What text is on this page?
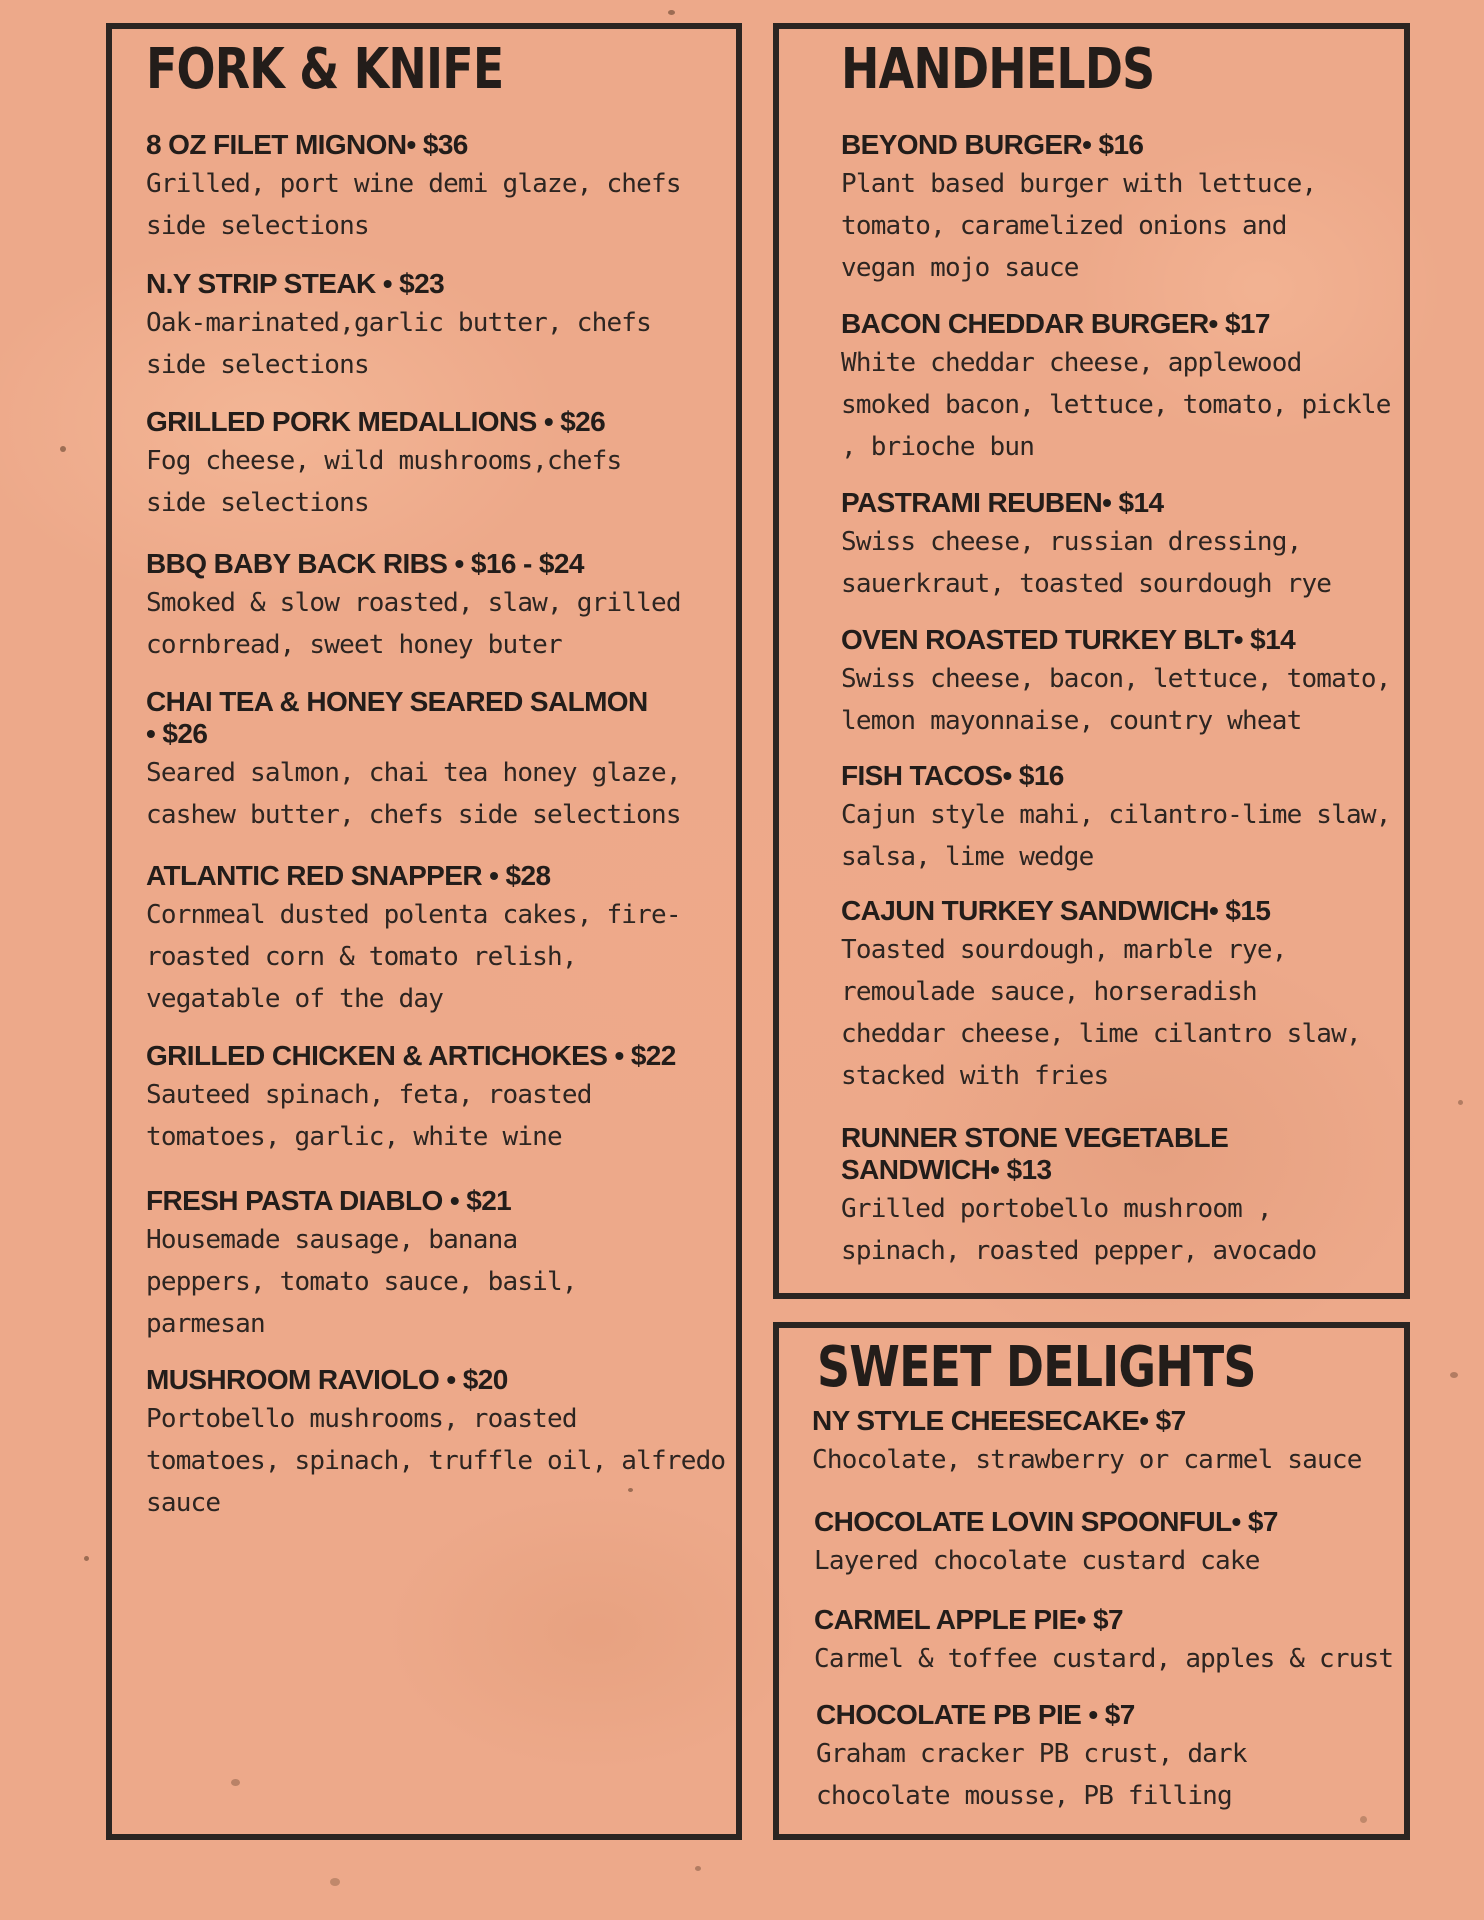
FORK & KNIFE	HANDHELDS
SWEET DELIGHTS
8 OZ FILET MIGNON• $36
Grilled, port wine demi glaze, chefs
side selections
N.Y STRIP STEAK • $23
Oak-marinated,garlic butter, chefs
side selections
GRILLED PORK MEDALLIONS • $26
Fog cheese, wild mushrooms,chefs
side selections
BBQ BABY BACK RIBS • $16 - $24
Smoked & slow roasted, slaw, grilled
cornbread, sweet honey buter
CHAI TEA & HONEY SEARED SALMON
• $26
Seared salmon, chai tea honey glaze,
cashew butter, chefs side selections
ATLANTIC RED SNAPPER • $28
Cornmeal dusted polenta cakes, fire-
roasted corn & tomato relish,
vegatable of the day
GRILLED CHICKEN & ARTICHOKES • $22
Sauteed spinach, feta, roasted
tomatoes, garlic, white wine
FRESH PASTA DIABLO • $21
Housemade sausage, banana
peppers, tomato sauce, basil,
parmesan
MUSHROOM RAVIOLO • $20
Portobello mushrooms, roasted
tomatoes, spinach, truffle oil, alfredo
sauce
BEYOND BURGER• $16
Plant based burger with lettuce,
tomato, caramelized onions and
vegan mojo sauce
BACON CHEDDAR BURGER• $17
White cheddar cheese, applewood
smoked bacon, lettuce, tomato, pickle
, brioche bun
PASTRAMI REUBEN• $14
Swiss cheese, russian dressing,
sauerkraut, toasted sourdough rye
OVEN ROASTED TURKEY BLT• $14
Swiss cheese, bacon, lettuce, tomato,
lemon mayonnaise, country wheat
FISH TACOS• $16
Cajun style mahi, cilantro-lime slaw,
salsa, lime wedge
CAJUN TURKEY SANDWICH• $15
Toasted sourdough, marble rye,
remoulade sauce, horseradish
cheddar cheese, lime cilantro slaw,
stacked with fries
RUNNER STONE VEGETABLE
SANDWICH• $13
Grilled portobello mushroom ,
spinach, roasted pepper, avocado
NY STYLE CHEESECAKE• $7
Chocolate, strawberry or carmel sauce
CHOCOLATE LOVIN SPOONFUL• $7
Layered chocolate custard cake
CARMEL APPLE PIE• $7
Carmel & toffee custard, apples & crust
CHOCOLATE PB PIE • $7
Graham cracker PB crust, dark
chocolate mousse, PB filling
